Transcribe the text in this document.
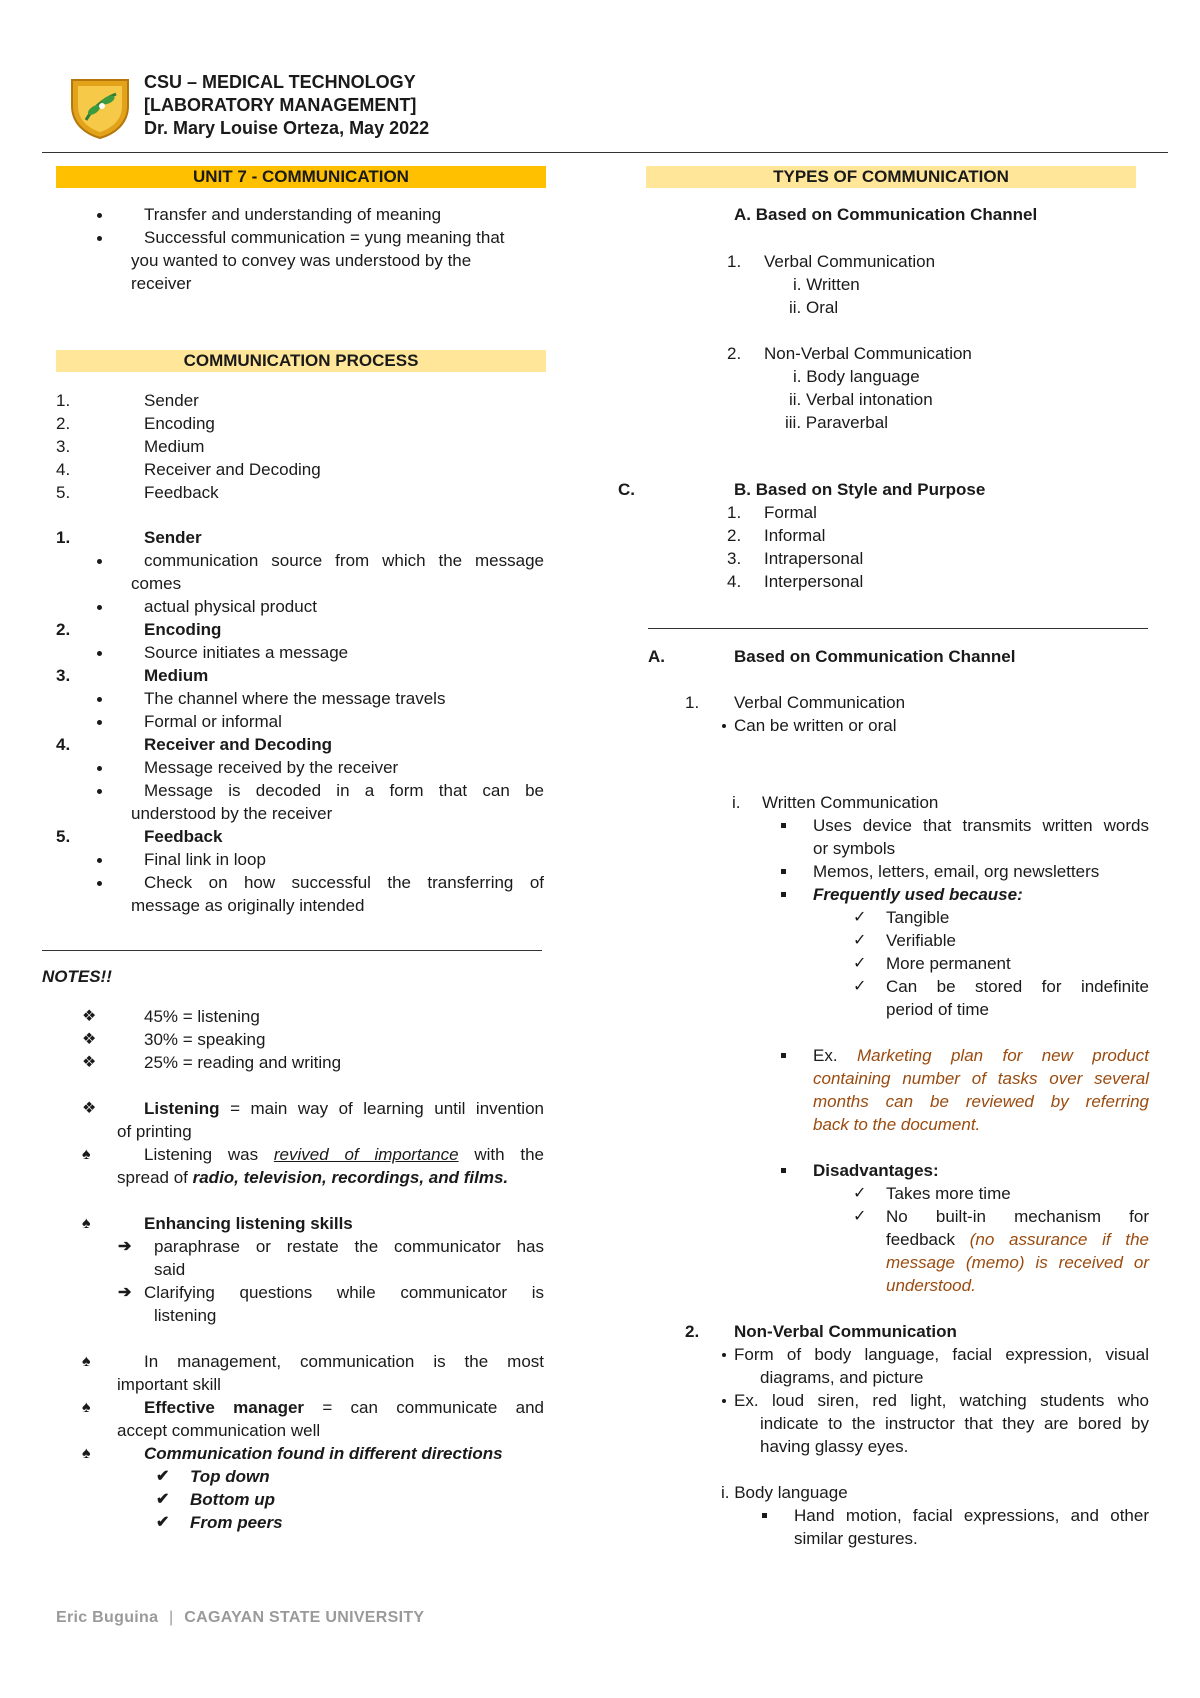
CSU – MEDICAL TECHNOLOGY
[LABORATORY MANAGEMENT]
Dr. Mary Louise Orteza, May 2022
UNIT 7 - COMMUNICATION
Transfer and understanding of meaning
Successful communication = yung meaning that
you wanted to convey was understood by the
receiver
COMMUNICATION PROCESS
1.	Sender
2.	Encoding
3.	Medium
4.	Receiver and Decoding
5.	Feedback
1.	Sender
communication source from which the message
comes
actual physical product
2.	Encoding
Source initiates a message
3.	Medium
The channel where the message travels
Formal or informal
4.	Receiver and Decoding
Message received by the receiver
Message is decoded in a form that can be
understood by the receiver
5.	Feedback
Final link in loop
Check on how successful the transferring of
message as originally intended
NOTES!!
❖	45% = listening
❖	30% = speaking
❖	25% = reading and writing
❖	Listening = main way of learning until invention
of printing
♠	Listening was revived of importance with the
spread of radio, television, recordings, and films.
♠	Enhancing listening skills
➔ paraphrase or restate the communicator has
said
➔ Clarifying questions while communicator is
listening
♠	In management, communication is the most
important skill
♠	Effective manager = can communicate and
accept communication well
♠	Communication found in different directions
✔ Top down
✔ Bottom up
✔ From peers
TYPES OF COMMUNICATION
A. Based on Communication Channel
1. Verbal Communication
i. Written
ii. Oral
2. Non-Verbal Communication
i. Body language
ii. Verbal intonation
iii. Paraverbal
C.	B. Based on Style and Purpose
1. Formal
2. Informal
3. Intrapersonal
4. Interpersonal
A.	Based on Communication Channel
1. Verbal Communication
Can be written or oral
i. Written Communication
Uses device that transmits written words
or symbols
Memos, letters, email, org newsletters
Frequently used because:
✓ Tangible
✓ Verifiable
✓ More permanent
✓ Can be stored for indefinite
period of time
Ex. Marketing plan for new product
containing number of tasks over several
months can be reviewed by referring
back to the document.
Disadvantages:
✓ Takes more time
✓ No built-in mechanism for
feedback (no assurance if the
message (memo) is received or
understood.
2. Non-Verbal Communication
Form of body language, facial expression, visual
diagrams, and picture
Ex. loud siren, red light, watching students who
indicate to the instructor that they are bored by
having glassy eyes.
i. Body language
Hand motion, facial expressions, and other
similar gestures.
Eric Buguina | CAGAYAN STATE UNIVERSITY
